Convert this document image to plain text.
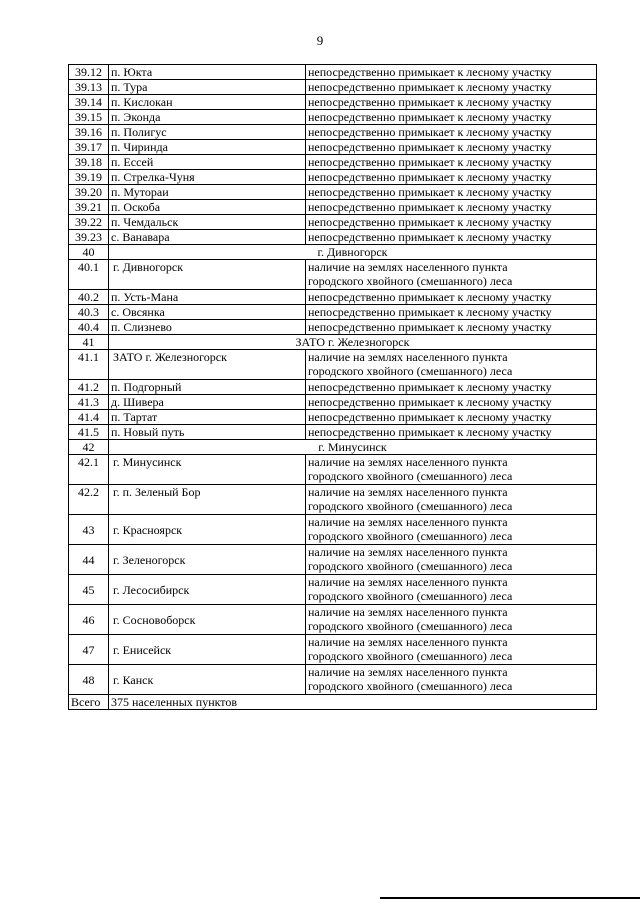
9
39.12	п. Юкта	непосредственно примыкает к лесному участку
39.13	п. Тура	непосредственно примыкает к лесному участку
39.14	п. Кислокан	непосредственно примыкает к лесному участку
39.15	п. Эконда	непосредственно примыкает к лесному участку
39.16	п. Полигус	непосредственно примыкает к лесному участку
39.17	п. Чиринда	непосредственно примыкает к лесному участку
39.18	п. Ессей	непосредственно примыкает к лесному участку
39.19	п. Стрелка-Чуня	непосредственно примыкает к лесному участку
39.20	п. Мутораи	непосредственно примыкает к лесному участку
39.21	п. Оскоба	непосредственно примыкает к лесному участку
39.22	п. Чемдальск	непосредственно примыкает к лесному участку
39.23	с. Ванавара	непосредственно примыкает к лесному участку
40	г. Дивногорск	
40.1	г. Дивногорск	наличие на землях населенного пункта
городского хвойного (смешанного) леса

40.2	п. Усть-Мана	непосредственно примыкает к лесному участку
40.3	с. Овсянка	непосредственно примыкает к лесному участку
40.4	п. Слизнево	непосредственно примыкает к лесному участку
41	ЗАТО г. Железногорск	
41.1	ЗАТО г. Железногорск	наличие на землях населенного пункта
городского хвойного (смешанного) леса

41.2	п. Подгорный	непосредственно примыкает к лесному участку
41.3	д. Шивера	непосредственно примыкает к лесному участку
41.4	п. Тартат	непосредственно примыкает к лесному участку
41.5	п. Новый путь	непосредственно примыкает к лесному участку
42	г. Минусинск	
42.1	г. Минусинск	наличие на землях населенного пункта
городского хвойного (смешанного) леса

42.2	г. п. Зеленый Бор	наличие на землях населенного пункта
городского хвойного (смешанного) леса

43	г. Красноярск	наличие на землях населенного пункта
городского хвойного (смешанного) леса

44	г. Зеленогорск	наличие на землях населенного пункта
городского хвойного (смешанного) леса

45	г. Лесосибирск	наличие на землях населенного пункта
городского хвойного (смешанного) леса

46	г. Сосновоборск	наличие на землях населенного пункта
городского хвойного (смешанного) леса

47	г. Енисейск	наличие на землях населенного пункта
городского хвойного (смешанного) леса

48	г. Канск	наличие на землях населенного пункта
городского хвойного (смешанного) леса

Всего	375 населенных пунктов	
